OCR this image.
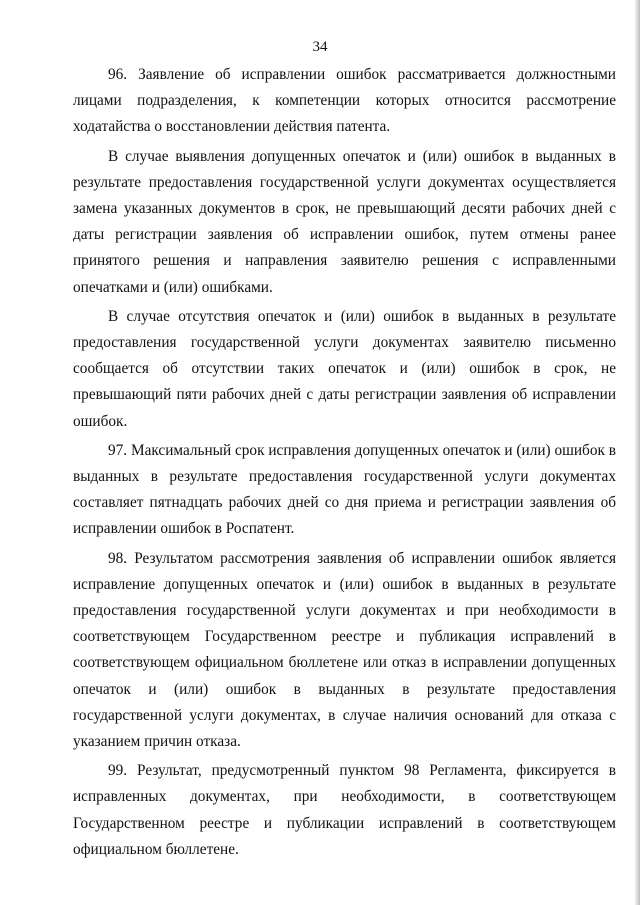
34

96. Заявление об исправлении ошибок рассматривается должностными лицами подразделения, к компетенции которых относится рассмотрение ходатайства о восстановлении действия патента.

В случае выявления допущенных опечаток и (или) ошибок в выданных в результате предоставления государственной услуги документах осуществляется замена указанных документов в срок, не превышающий десяти рабочих дней с даты регистрации заявления об исправлении ошибок, путем отмены ранее принятого решения и направления заявителю решения с исправленными опечатками и (или) ошибками.

В случае отсутствия опечаток и (или) ошибок в выданных в результате предоставления государственной услуги документах заявителю письменно сообщается об отсутствии таких опечаток и (или) ошибок в срок, не превышающий пяти рабочих дней с даты регистрации заявления об исправлении ошибок.

97. Максимальный срок исправления допущенных опечаток и (или) ошибок в выданных в результате предоставления государственной услуги документах составляет пятнадцать рабочих дней со дня приема и регистрации заявления об исправлении ошибок в Роспатент.

98. Результатом рассмотрения заявления об исправлении ошибок является исправление допущенных опечаток и (или) ошибок в выданных в результате предоставления государственной услуги документах и при необходимости в соответствующем Государственном реестре и публикация исправлений в соответствующем официальном бюллетене или отказ в исправлении допущенных опечаток и (или) ошибок в выданных в результате предоставления государственной услуги документах, в случае наличия оснований для отказа с указанием причин отказа.

99. Результат, предусмотренный пунктом 98 Регламента, фиксируется в исправленных документах, при необходимости, в соответствующем Государственном реестре и публикации исправлений в соответствующем официальном бюллетене.
